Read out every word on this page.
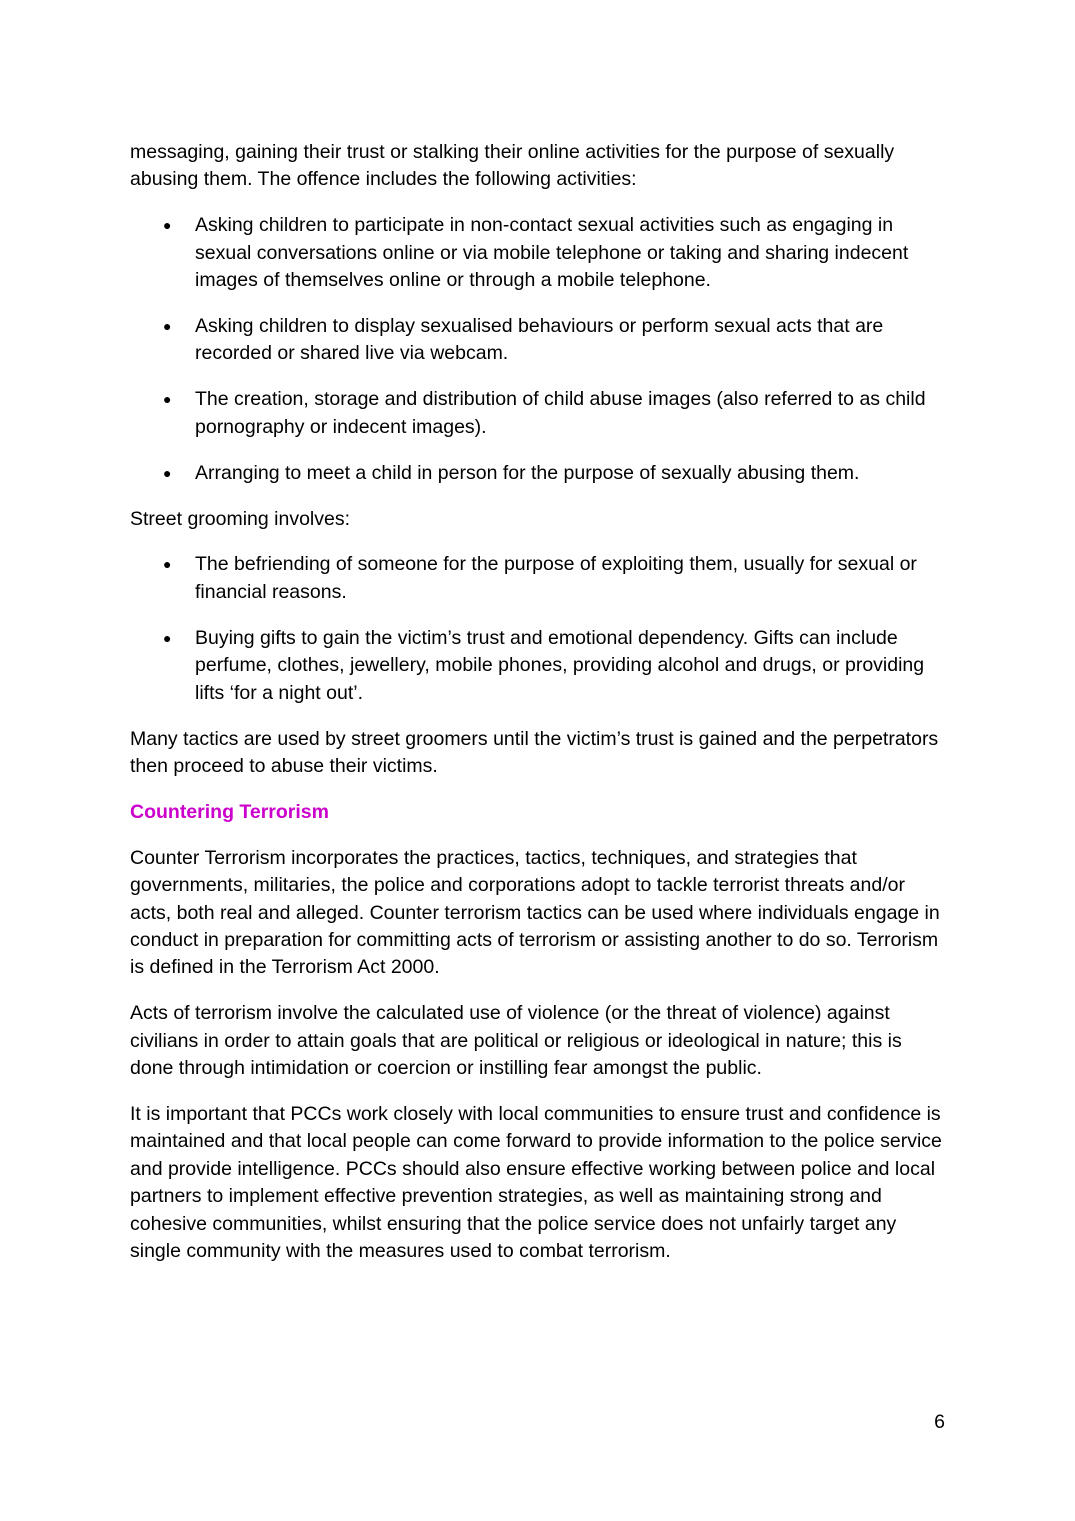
messaging, gaining their trust or stalking their online activities for the purpose of sexually abusing them. The offence includes the following activities:

● Asking children to participate in non-contact sexual activities such as engaging in sexual conversations online or via mobile telephone or taking and sharing indecent images of themselves online or through a mobile telephone.
● Asking children to display sexualised behaviours or perform sexual acts that are recorded or shared live via webcam.
● The creation, storage and distribution of child abuse images (also referred to as child pornography or indecent images).
● Arranging to meet a child in person for the purpose of sexually abusing them.

Street grooming involves:

● The befriending of someone for the purpose of exploiting them, usually for sexual or financial reasons.
● Buying gifts to gain the victim’s trust and emotional dependency. Gifts can include perfume, clothes, jewellery, mobile phones, providing alcohol and drugs, or providing lifts ‘for a night out’.

Many tactics are used by street groomers until the victim’s trust is gained and the perpetrators then proceed to abuse their victims.

Countering Terrorism

Counter Terrorism incorporates the practices, tactics, techniques, and strategies that governments, militaries, the police and corporations adopt to tackle terrorist threats and/or acts, both real and alleged. Counter terrorism tactics can be used where individuals engage in conduct in preparation for committing acts of terrorism or assisting another to do so. Terrorism is defined in the Terrorism Act 2000.

Acts of terrorism involve the calculated use of violence (or the threat of violence) against civilians in order to attain goals that are political or religious or ideological in nature; this is done through intimidation or coercion or instilling fear amongst the public.

It is important that PCCs work closely with local communities to ensure trust and confidence is maintained and that local people can come forward to provide information to the police service and provide intelligence. PCCs should also ensure effective working between police and local partners to implement effective prevention strategies, as well as maintaining strong and cohesive communities, whilst ensuring that the police service does not unfairly target any single community with the measures used to combat terrorism.

6
